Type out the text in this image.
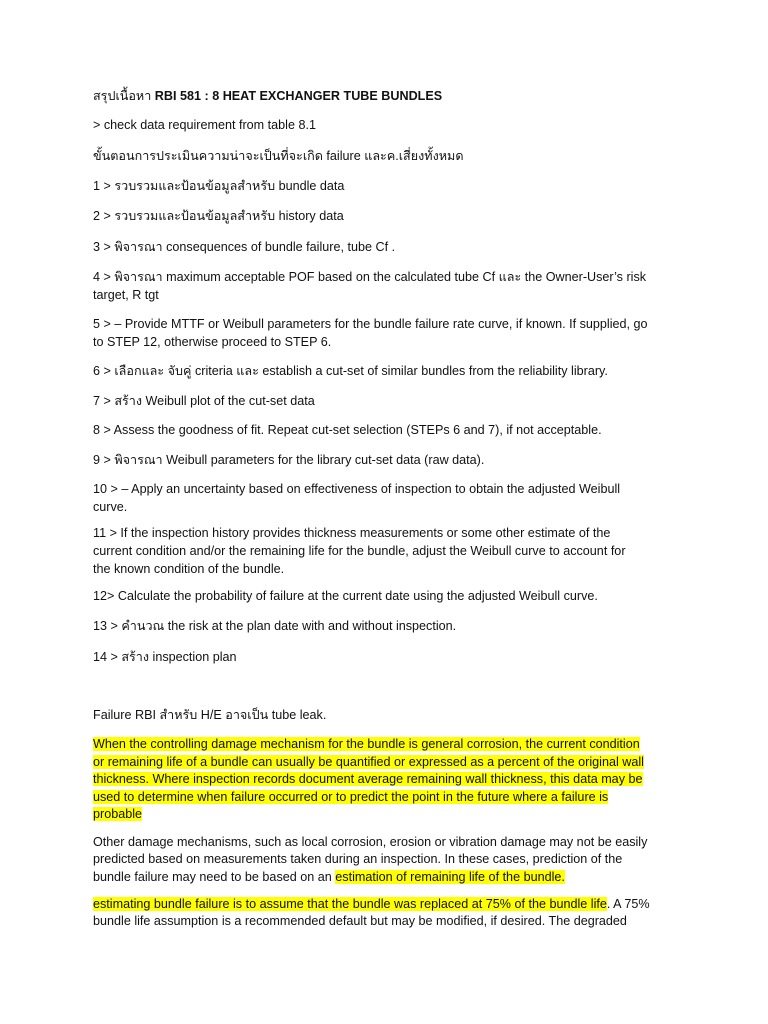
สรุปเนื้อหา RBI 581 : 8 HEAT EXCHANGER TUBE BUNDLES
> check data requirement from table 8.1
ขั้นตอนการประเมินความน่าจะเป็นที่จะเกิด failure และค.เสี่ยงทั้งหมด
1 > รวบรวมและป้อนข้อมูลสำหรับ bundle data
2 > รวบรวมและป้อนข้อมูลสำหรับ history data
3 > พิจารณา consequences of bundle failure, tube Cf .
4 > พิจารณา maximum acceptable POF based on the calculated tube Cf และ the Owner-User’s risk
target, R tgt
5 > – Provide MTTF or Weibull parameters for the bundle failure rate curve, if known. If supplied, go
to STEP 12, otherwise proceed to STEP 6.
6 > เลือกและ จับคู่ criteria และ establish a cut-set of similar bundles from the reliability library.
7 > สร้าง Weibull plot of the cut-set data
8 > Assess the goodness of fit. Repeat cut-set selection (STEPs 6 and 7), if not acceptable.
9 > พิจารณา Weibull parameters for the library cut-set data (raw data).
10 > – Apply an uncertainty based on effectiveness of inspection to obtain the adjusted Weibull
curve.
11 > If the inspection history provides thickness measurements or some other estimate of the
current condition and/or the remaining life for the bundle, adjust the Weibull curve to account for
the known condition of the bundle.
12> Calculate the probability of failure at the current date using the adjusted Weibull curve.
13 > คำนวณ the risk at the plan date with and without inspection.
14 > สร้าง inspection plan
Failure RBI สำหรับ H/E อาจเป็น tube leak.
When the controlling damage mechanism for the bundle is general corrosion, the current condition
or remaining life of a bundle can usually be quantified or expressed as a percent of the original wall
thickness. Where inspection records document average remaining wall thickness, this data may be
used to determine when failure occurred or to predict the point in the future where a failure is
probable
Other damage mechanisms, such as local corrosion, erosion or vibration damage may not be easily
predicted based on measurements taken during an inspection. In these cases, prediction of the
bundle failure may need to be based on an estimation of remaining life of the bundle.
estimating bundle failure is to assume that the bundle was replaced at 75% of the bundle life. A 75%
bundle life assumption is a recommended default but may be modified, if desired. The degraded
